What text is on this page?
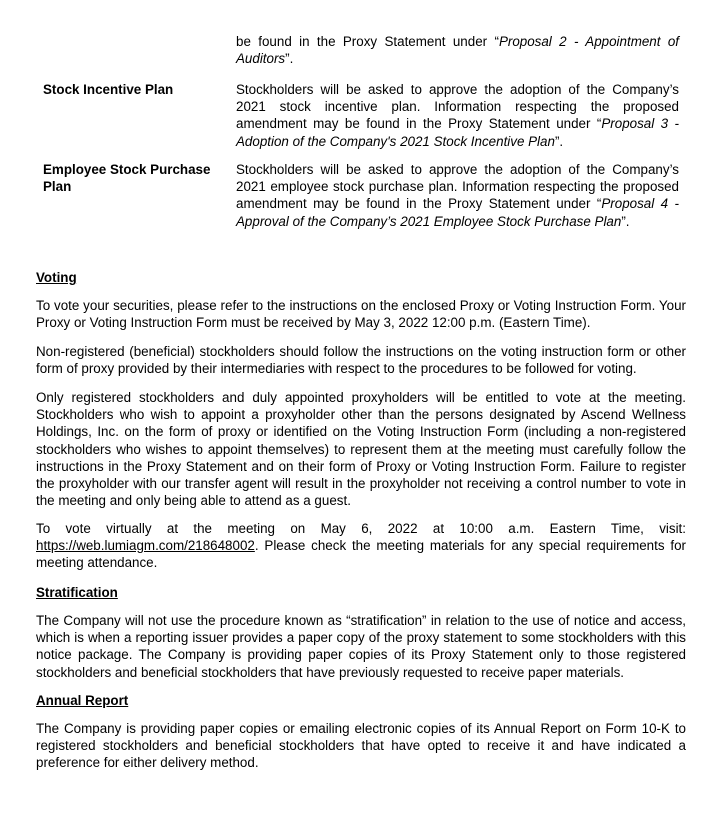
be found in the Proxy Statement under “Proposal 2 - Appointment of Auditors”.
Stock Incentive Plan	Stockholders will be asked to approve the adoption of the Company’s 2021 stock incentive plan. Information respecting the proposed amendment may be found in the Proxy Statement under “Proposal 3 - Adoption of the Company's 2021 Stock Incentive Plan”.
Employee Stock Purchase Plan
Stockholders will be asked to approve the adoption of the Company’s 2021 employee stock purchase plan. Information respecting the proposed amendment may be found in the Proxy Statement under “Proposal 4 - Approval of the Company’s 2021 Employee Stock Purchase Plan”.
Voting
To vote your securities, please refer to the instructions on the enclosed Proxy or Voting Instruction Form. Your Proxy or Voting Instruction Form must be received by May 3, 2022 12:00 p.m. (Eastern Time).
Non-registered (beneficial) stockholders should follow the instructions on the voting instruction form or other form of proxy provided by their intermediaries with respect to the procedures to be followed for voting.
Only registered stockholders and duly appointed proxyholders will be entitled to vote at the meeting. Stockholders who wish to appoint a proxyholder other than the persons designated by Ascend Wellness Holdings, Inc. on the form of proxy or identified on the Voting Instruction Form (including a non-registered stockholders who wishes to appoint themselves) to represent them at the meeting must carefully follow the instructions in the Proxy Statement and on their form of Proxy or Voting Instruction Form. Failure to register the proxyholder with our transfer agent will result in the proxyholder not receiving a control number to vote in the meeting and only being able to attend as a guest.
To vote virtually at the meeting on May 6, 2022 at 10:00 a.m. Eastern Time, visit: https://web.lumiagm.com/218648002. Please check the meeting materials for any special requirements for meeting attendance.
Stratification
The Company will not use the procedure known as “stratification” in relation to the use of notice and access, which is when a reporting issuer provides a paper copy of the proxy statement to some stockholders with this notice package. The Company is providing paper copies of its Proxy Statement only to those registered stockholders and beneficial stockholders that have previously requested to receive paper materials.
Annual Report
The Company is providing paper copies or emailing electronic copies of its Annual Report on Form 10-K to registered stockholders and beneficial stockholders that have opted to receive it and have indicated a preference for either delivery method.
